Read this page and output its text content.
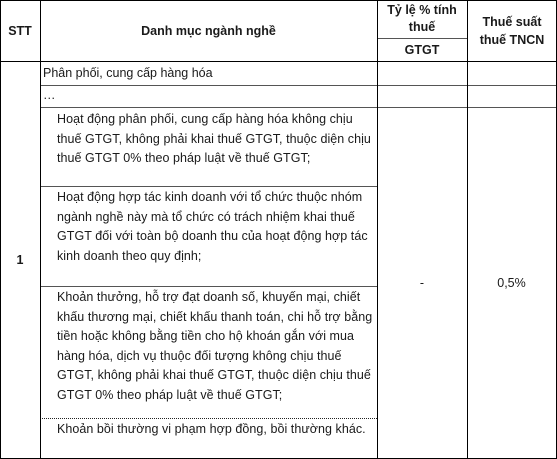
STT	Danh mục ngành nghề
Tỷ lệ % tính thuế
GTGT
Thuế suất thuế TNCN
1
Phân phối, cung cấp hàng hóa
…
Hoạt động phân phối, cung cấp hàng hóa không chịu thuế GTGT, không phải khai thuế GTGT, thuộc diện chịu thuế GTGT 0% theo pháp luật về thuế GTGT;
Hoạt động hợp tác kinh doanh với tổ chức thuộc nhóm ngành nghề này mà tổ chức có trách nhiệm khai thuế GTGT đối với toàn bộ doanh thu của hoạt động hợp tác kinh doanh theo quy định;
Khoản thưởng, hỗ trợ đạt doanh số, khuyến mại, chiết khấu thương mại, chiết khấu thanh toán, chi hỗ trợ bằng tiền hoặc không bằng tiền cho hộ khoán gắn với mua hàng hóa, dịch vụ thuộc đối tượng không chịu thuế GTGT, không phải khai thuế GTGT, thuộc diện chịu thuế GTGT 0% theo pháp luật về thuế GTGT;
Khoản bồi thường vi phạm hợp đồng, bồi thường khác.
-	0,5%
